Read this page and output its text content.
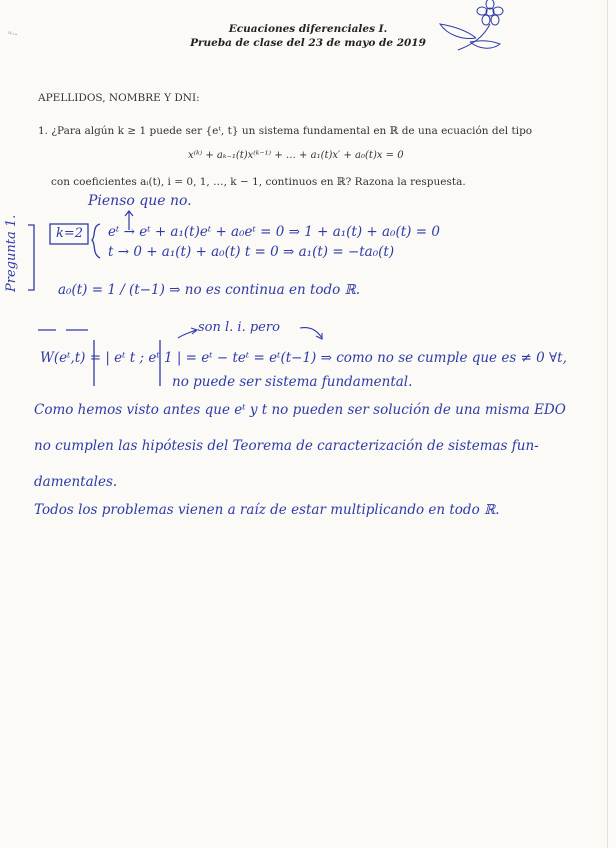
ᵘ·-	Ecuaciones diferenciales I.
Prueba de clase del 23 de mayo de 2019
APELLIDOS, NOMBRE Y DNI:
1. ¿Para algún k ≥ 1 puede ser {eᵗ, t} un sistema fundamental en ℝ de una ecuación del tipo
x⁽ᵏ⁾ + aₖ₋₁(t)x⁽ᵏ⁻¹⁾ + … + a₁(t)x′ + a₀(t)x = 0
con coeficientes aᵢ(t), i = 0, 1, …, k − 1, continuos en ℝ? Razona la respuesta.
Pregunta 1.
Pienso que no.
k=2 eᵗ → eᵗ + a₁(t)eᵗ + a₀eᵗ = 0 ⇒ 1 + a₁(t) + a₀(t) = 0
t → 0 + a₁(t) + a₀(t) t = 0 ⇒ a₁(t) = −ta₀(t)
a₀(t) = 1 / (t−1) ⇒ no es continua en todo ℝ.
son l. i. pero
W(eᵗ,t) = | eᵗ t ; eᵗ 1 | = eᵗ − teᵗ = eᵗ(t−1) ⇒ como no se cumple que es ≠ 0 ∀t,
no puede ser sistema fundamental.
Como hemos visto antes que eᵗ y t no pueden ser solución de una misma EDO
no cumplen las hipótesis del Teorema de caracterización de sistemas fun-
damentales.
Todos los problemas vienen a raíz de estar multiplicando en todo ℝ.
